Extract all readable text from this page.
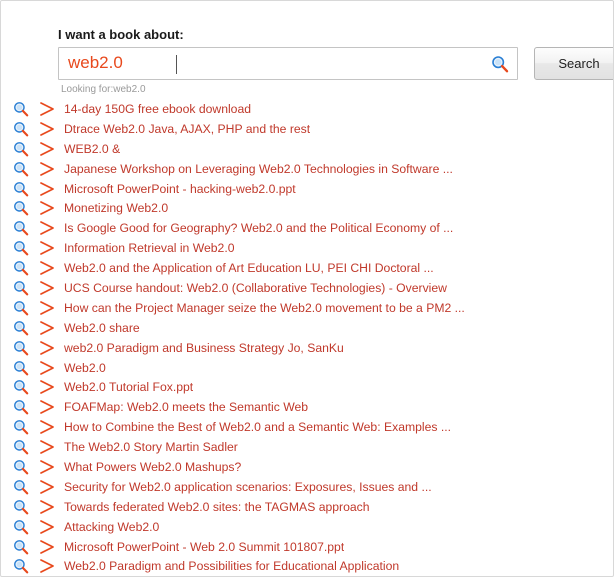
I want a book about:
web2.0	Search
Looking for:web2.0
14-day 150G free ebook download
Dtrace Web2.0 Java, AJAX, PHP and the rest
WEB2.0 &
Japanese Workshop on Leveraging Web2.0 Technologies in Software ...
Microsoft PowerPoint - hacking-web2.0.ppt
Monetizing Web2.0
Is Google Good for Geography? Web2.0 and the Political Economy of ...
Information Retrieval in Web2.0
Web2.0 and the Application of Art Education LU, PEI CHI Doctoral ...
UCS Course handout: Web2.0 (Collaborative Technologies) - Overview
How can the Project Manager seize the Web2.0 movement to be a PM2 ...
Web2.0 share
web2.0 Paradigm and Business Strategy Jo, SanKu
Web2.0
Web2.0 Tutorial Fox.ppt
FOAFMap: Web2.0 meets the Semantic Web
How to Combine the Best of Web2.0 and a Semantic Web: Examples ...
The Web2.0 Story Martin Sadler
What Powers Web2.0 Mashups?
Security for Web2.0 application scenarios: Exposures, Issues and ...
Towards federated Web2.0 sites: the TAGMAS approach
Attacking Web2.0
Microsoft PowerPoint - Web 2.0 Summit 101807.ppt
Web2.0 Paradigm and Possibilities for Educational Application
